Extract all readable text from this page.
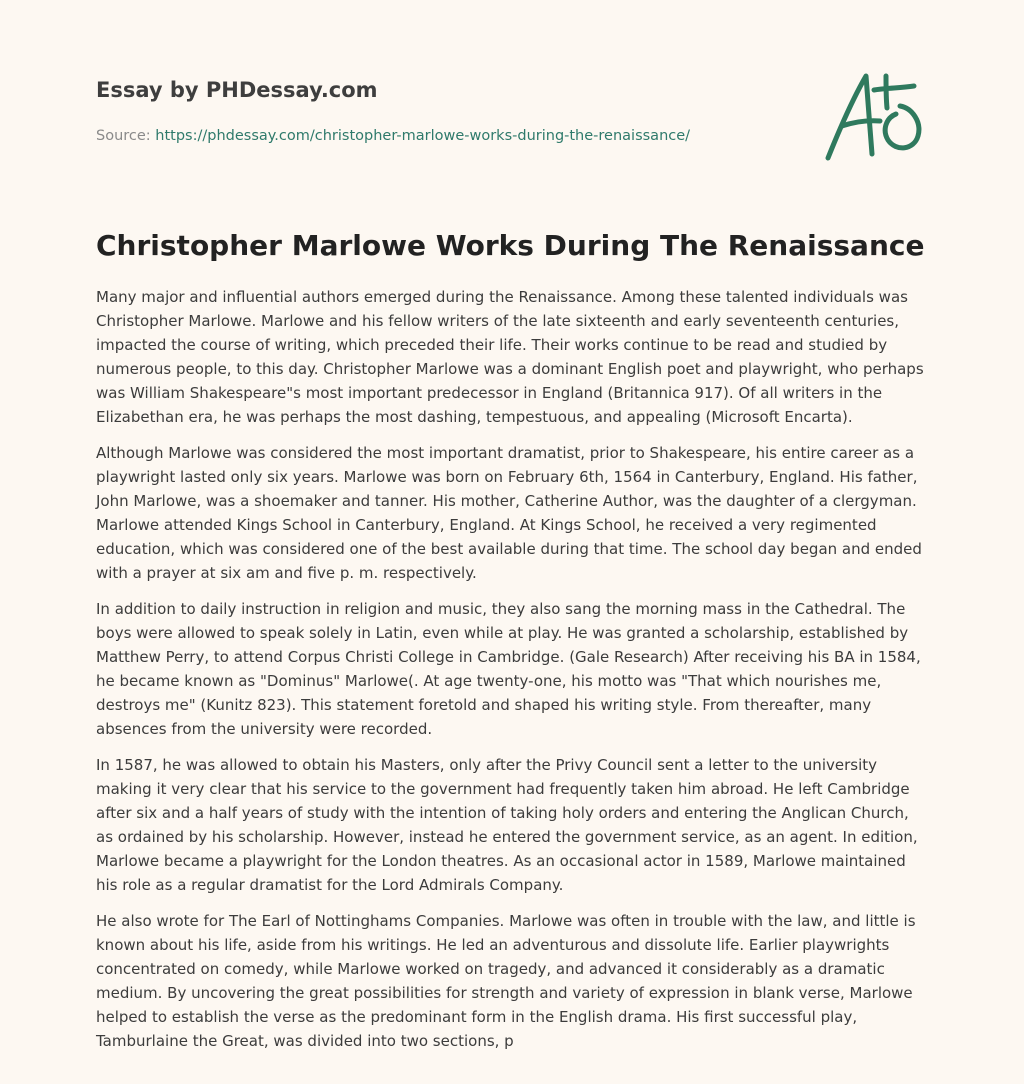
Essay by PHDessay.com
Source: https://phdessay.com/christopher-marlowe-works-during-the-renaissance/
Christopher Marlowe Works During The Renaissance

Many major and influential authors emerged during the Renaissance. Among these talented individuals was Christopher Marlowe. Marlowe and his fellow writers of the late sixteenth and early seventeenth centuries, impacted the course of writing, which preceded their life. Their works continue to be read and studied by numerous people, to this day. Christopher Marlowe was a dominant English poet and playwright, who perhaps was William Shakespeare"s most important predecessor in England (Britannica 917). Of all writers in the Elizabethan era, he was perhaps the most dashing, tempestuous, and appealing (Microsoft Encarta).

Although Marlowe was considered the most important dramatist, prior to Shakespeare, his entire career as a playwright lasted only six years. Marlowe was born on February 6th, 1564 in Canterbury, England. His father, John Marlowe, was a shoemaker and tanner. His mother, Catherine Author, was the daughter of a clergyman. Marlowe attended Kings School in Canterbury, England. At Kings School, he received a very regimented education, which was considered one of the best available during that time. The school day began and ended with a prayer at six am and five p. m. respectively.

In addition to daily instruction in religion and music, they also sang the morning mass in the Cathedral. The boys were allowed to speak solely in Latin, even while at play. He was granted a scholarship, established by Matthew Perry, to attend Corpus Christi College in Cambridge. (Gale Research) After receiving his BA in 1584, he became known as "Dominus" Marlowe(. At age twenty-one, his motto was "That which nourishes me, destroys me" (Kunitz 823). This statement foretold and shaped his writing style. From thereafter, many absences from the university were recorded.

In 1587, he was allowed to obtain his Masters, only after the Privy Council sent a letter to the university making it very clear that his service to the government had frequently taken him abroad. He left Cambridge after six and a half years of study with the intention of taking holy orders and entering the Anglican Church, as ordained by his scholarship. However, instead he entered the government service, as an agent. In edition, Marlowe became a playwright for the London theatres. As an occasional actor in 1589, Marlowe maintained his role as a regular dramatist for the Lord Admirals Company.

He also wrote for The Earl of Nottinghams Companies. Marlowe was often in trouble with the law, and little is known about his life, aside from his writings. He led an adventurous and dissolute life. Earlier playwrights concentrated on comedy, while Marlowe worked on tragedy, and advanced it considerably as a dramatic medium. By uncovering the great possibilities for strength and variety of expression in blank verse, Marlowe helped to establish the verse as the predominant form in the English drama. His first successful play, Tamburlaine the Great, was divided into two sections, p
